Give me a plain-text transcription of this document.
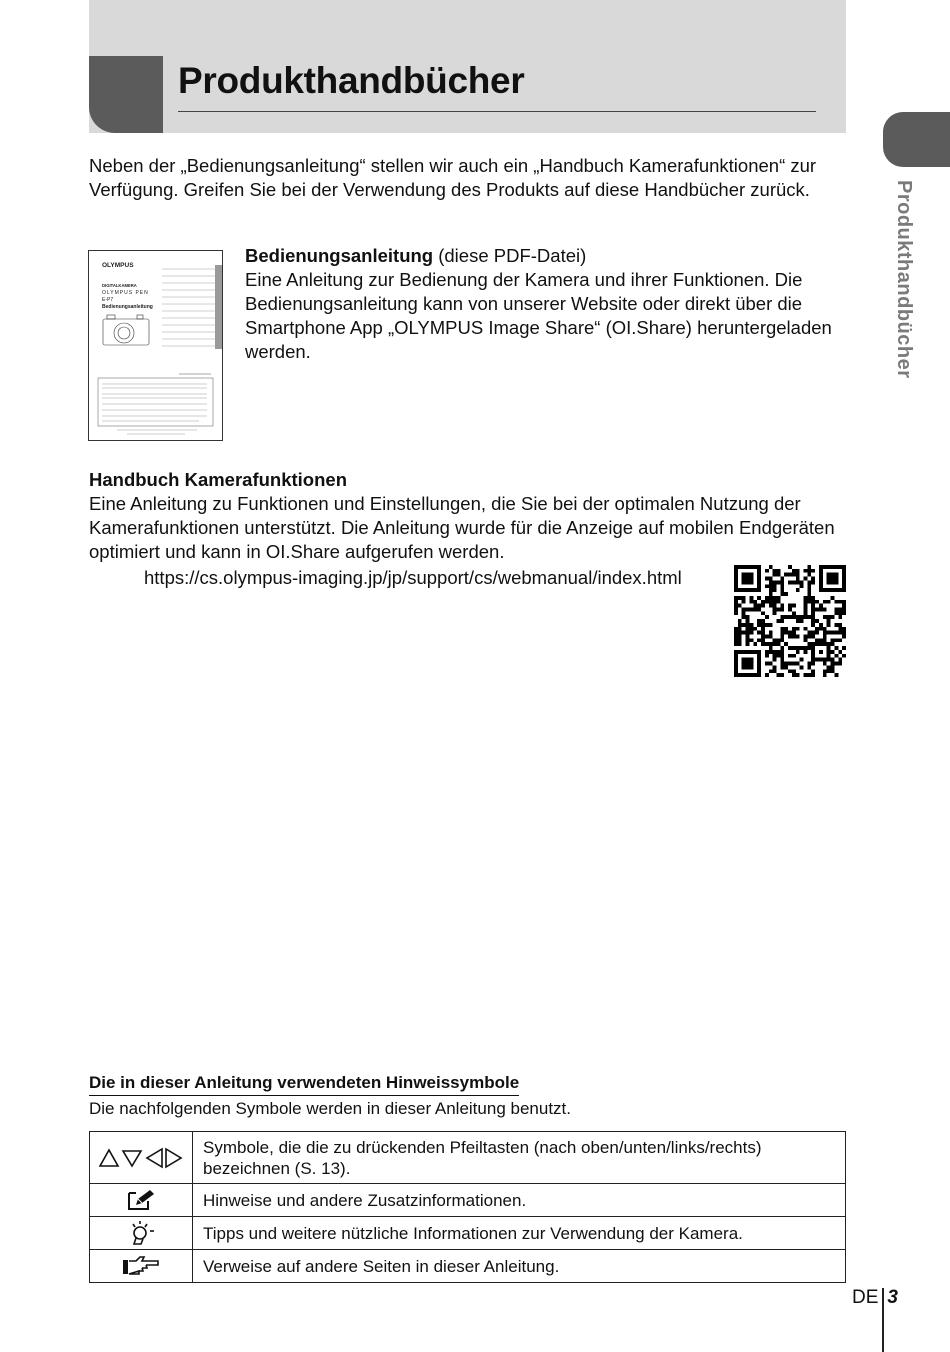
Produkthandbücher
Produkthandbücher

Neben der „Bedienungsanleitung“ stellen wir auch ein „Handbuch Kamerafunktionen“ zur Verfügung. Greifen Sie bei der Verwendung des Produkts auf diese Handbücher zurück.

OLYMPUS
DIGITALKAMERA
OLYMPUS PEN
E-P7
Bedienungsanleitung
Bedienungsanleitung (diese PDF-Datei)

Eine Anleitung zur Bedienung der Kamera und ihrer Funktionen. Die Bedienungsanleitung kann von unserer Website oder direkt über die Smartphone App „OLYMPUS Image Share“ (OI.Share) heruntergeladen werden.

Handbuch Kamerafunktionen

Eine Anleitung zu Funktionen und Einstellungen, die Sie bei der optimalen Nutzung der Kamerafunktionen unterstützt. Die Anleitung wurde für die Anzeige auf mobilen Endgeräten optimiert und kann in OI.Share aufgerufen werden.

https://cs.olympus-imaging.jp/jp/support/cs/webmanual/index.html
Die in dieser Anleitung verwendeten Hinweissymbole
Die nachfolgenden Symbole werden in dieser Anleitung benutzt.
	Symbole, die die zu drückenden Pfeiltasten (nach oben/unten/links/rechts) bezeichnen (S. 13).
	Hinweise und andere Zusatzinformationen.
	Tipps und weitere nützliche Informationen zur Verwendung der Kamera.
	Verweise auf andere Seiten in dieser Anleitung.
DE 3
